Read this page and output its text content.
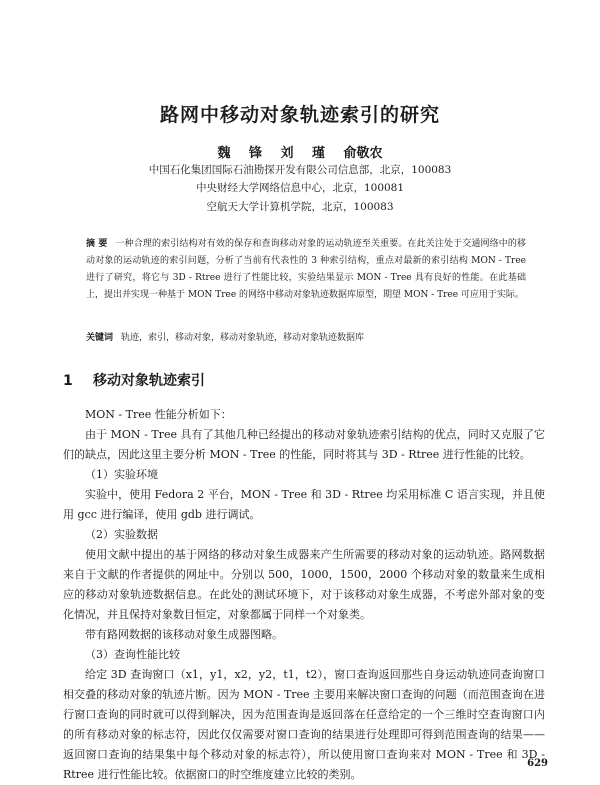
路网中移动对象轨迹索引的研究
魏 锋 刘 瑾 俞敬农
中国石化集团国际石油勘探开发有限公司信息部，北京，100083
中央财经大学网络信息中心，北京，100081
空航天大学计算机学院，北京，100083

摘 要 一种合理的索引结构对有效的保存和查询移动对象的运动轨迹至关重要。在此关注处于交通网络中的移动对象的运动轨迹的索引问题，分析了当前有代表性的 3 种索引结构，重点对最新的索引结构 MON - Tree 进行了研究，将它与 3D - Rtree 进行了性能比较，实验结果显示 MON - Tree 具有良好的性能。在此基础上，提出并实现一种基于 MON Tree 的网络中移动对象轨迹数据库原型，期望 MON - Tree 可应用于实际。

关键词 轨迹，索引，移动对象，移动对象轨迹，移动对象轨迹数据库

1 移动对象轨迹索引

MON - Tree 性能分析如下：

由于 MON - Tree 具有了其他几种已经提出的移动对象轨迹索引结构的优点，同时又克服了它们的缺点，因此这里主要分析 MON - Tree 的性能，同时将其与 3D - Rtree 进行性能的比较。

（1）实验环境

实验中，使用 Fedora 2 平台，MON - Tree 和 3D - Rtree 均采用标准 C 语言实现，并且使用 gcc 进行编译，使用 gdb 进行调试。

（2）实验数据

使用文献中提出的基于网络的移动对象生成器来产生所需要的移动对象的运动轨迹。路网数据来自于文献的作者提供的网址中。分别以 500，1000，1500，2000 个移动对象的数量来生成相应的移动对象轨迹数据信息。在此处的测试环境下，对于该移动对象生成器，不考虑外部对象的变化情况，并且保持对象数目恒定，对象都属于同样一个对象类。

带有路网数据的该移动对象生成器图略。

（3）查询性能比较

给定 3D 查询窗口（x1，y1，x2，y2，t1，t2），窗口查询返回那些自身运动轨迹同查询窗口相交叠的移动对象的轨迹片断。因为 MON - Tree 主要用来解决窗口查询的问题（而范围查询在进行窗口查询的同时就可以得到解决，因为范围查询是返回落在任意给定的一个三维时空查询窗口内的所有移动对象的标志符，因此仅仅需要对窗口查询的结果进行处理即可得到范围查询的结果——返回窗口查询的结果集中每个移动对象的标志符），所以使用窗口查询来对 MON - Tree 和 3D - Rtree 进行性能比较。依据窗口的时空维度建立比较的类别。

629
